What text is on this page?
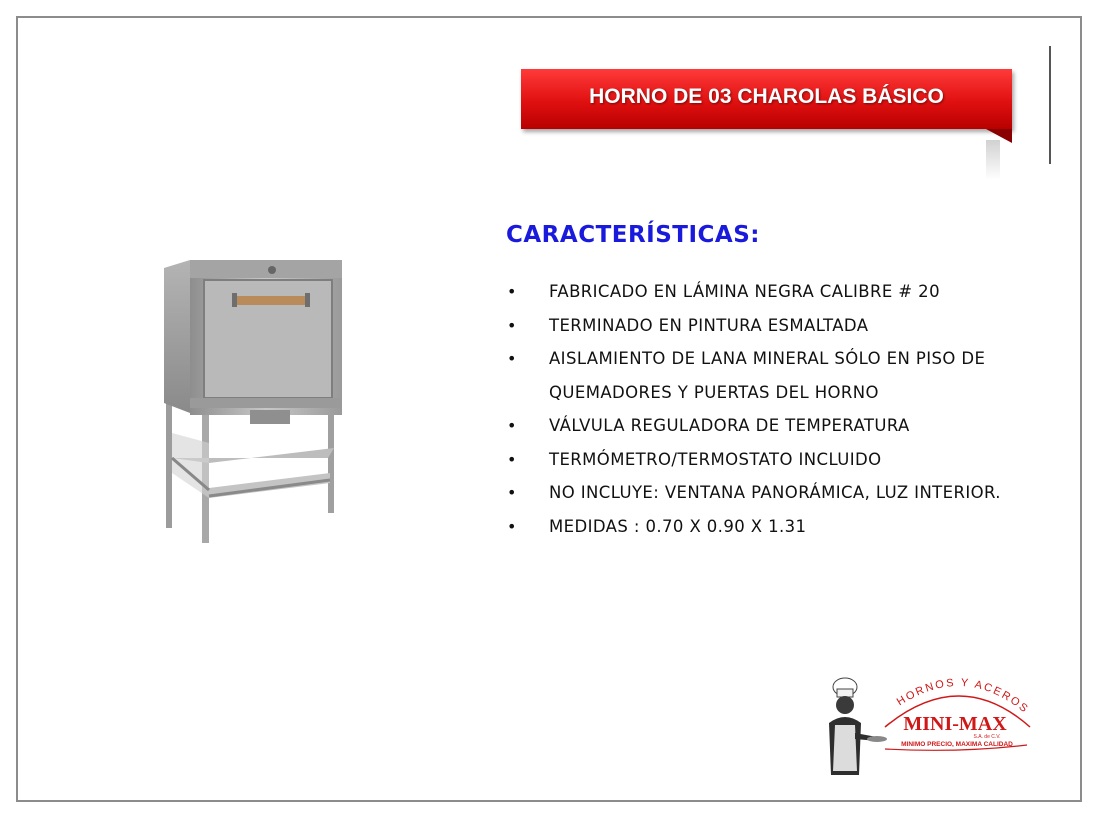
HORNO DE 03 CHAROLAS BÁSICO
CARACTERÍSTICAS:
• FABRICADO EN LÁMINA NEGRA CALIBRE # 20
• TERMINADO EN PINTURA ESMALTADA
• AISLAMIENTO DE LANA MINERAL SÓLO EN PISO DE QUEMADORES Y PUERTAS DEL HORNO
• VÁLVULA REGULADORA DE TEMPERATURA
• TERMÓMETRO/TERMOSTATO INCLUIDO
• NO INCLUYE: VENTANA PANORÁMICA, LUZ INTERIOR.
• MEDIDAS : 0.70 X 0.90 X 1.31
HORNOS Y ACEROS
MINI-MAX
S.A. de C.V.
MINIMO PRECIO, MAXIMA CALIDAD
